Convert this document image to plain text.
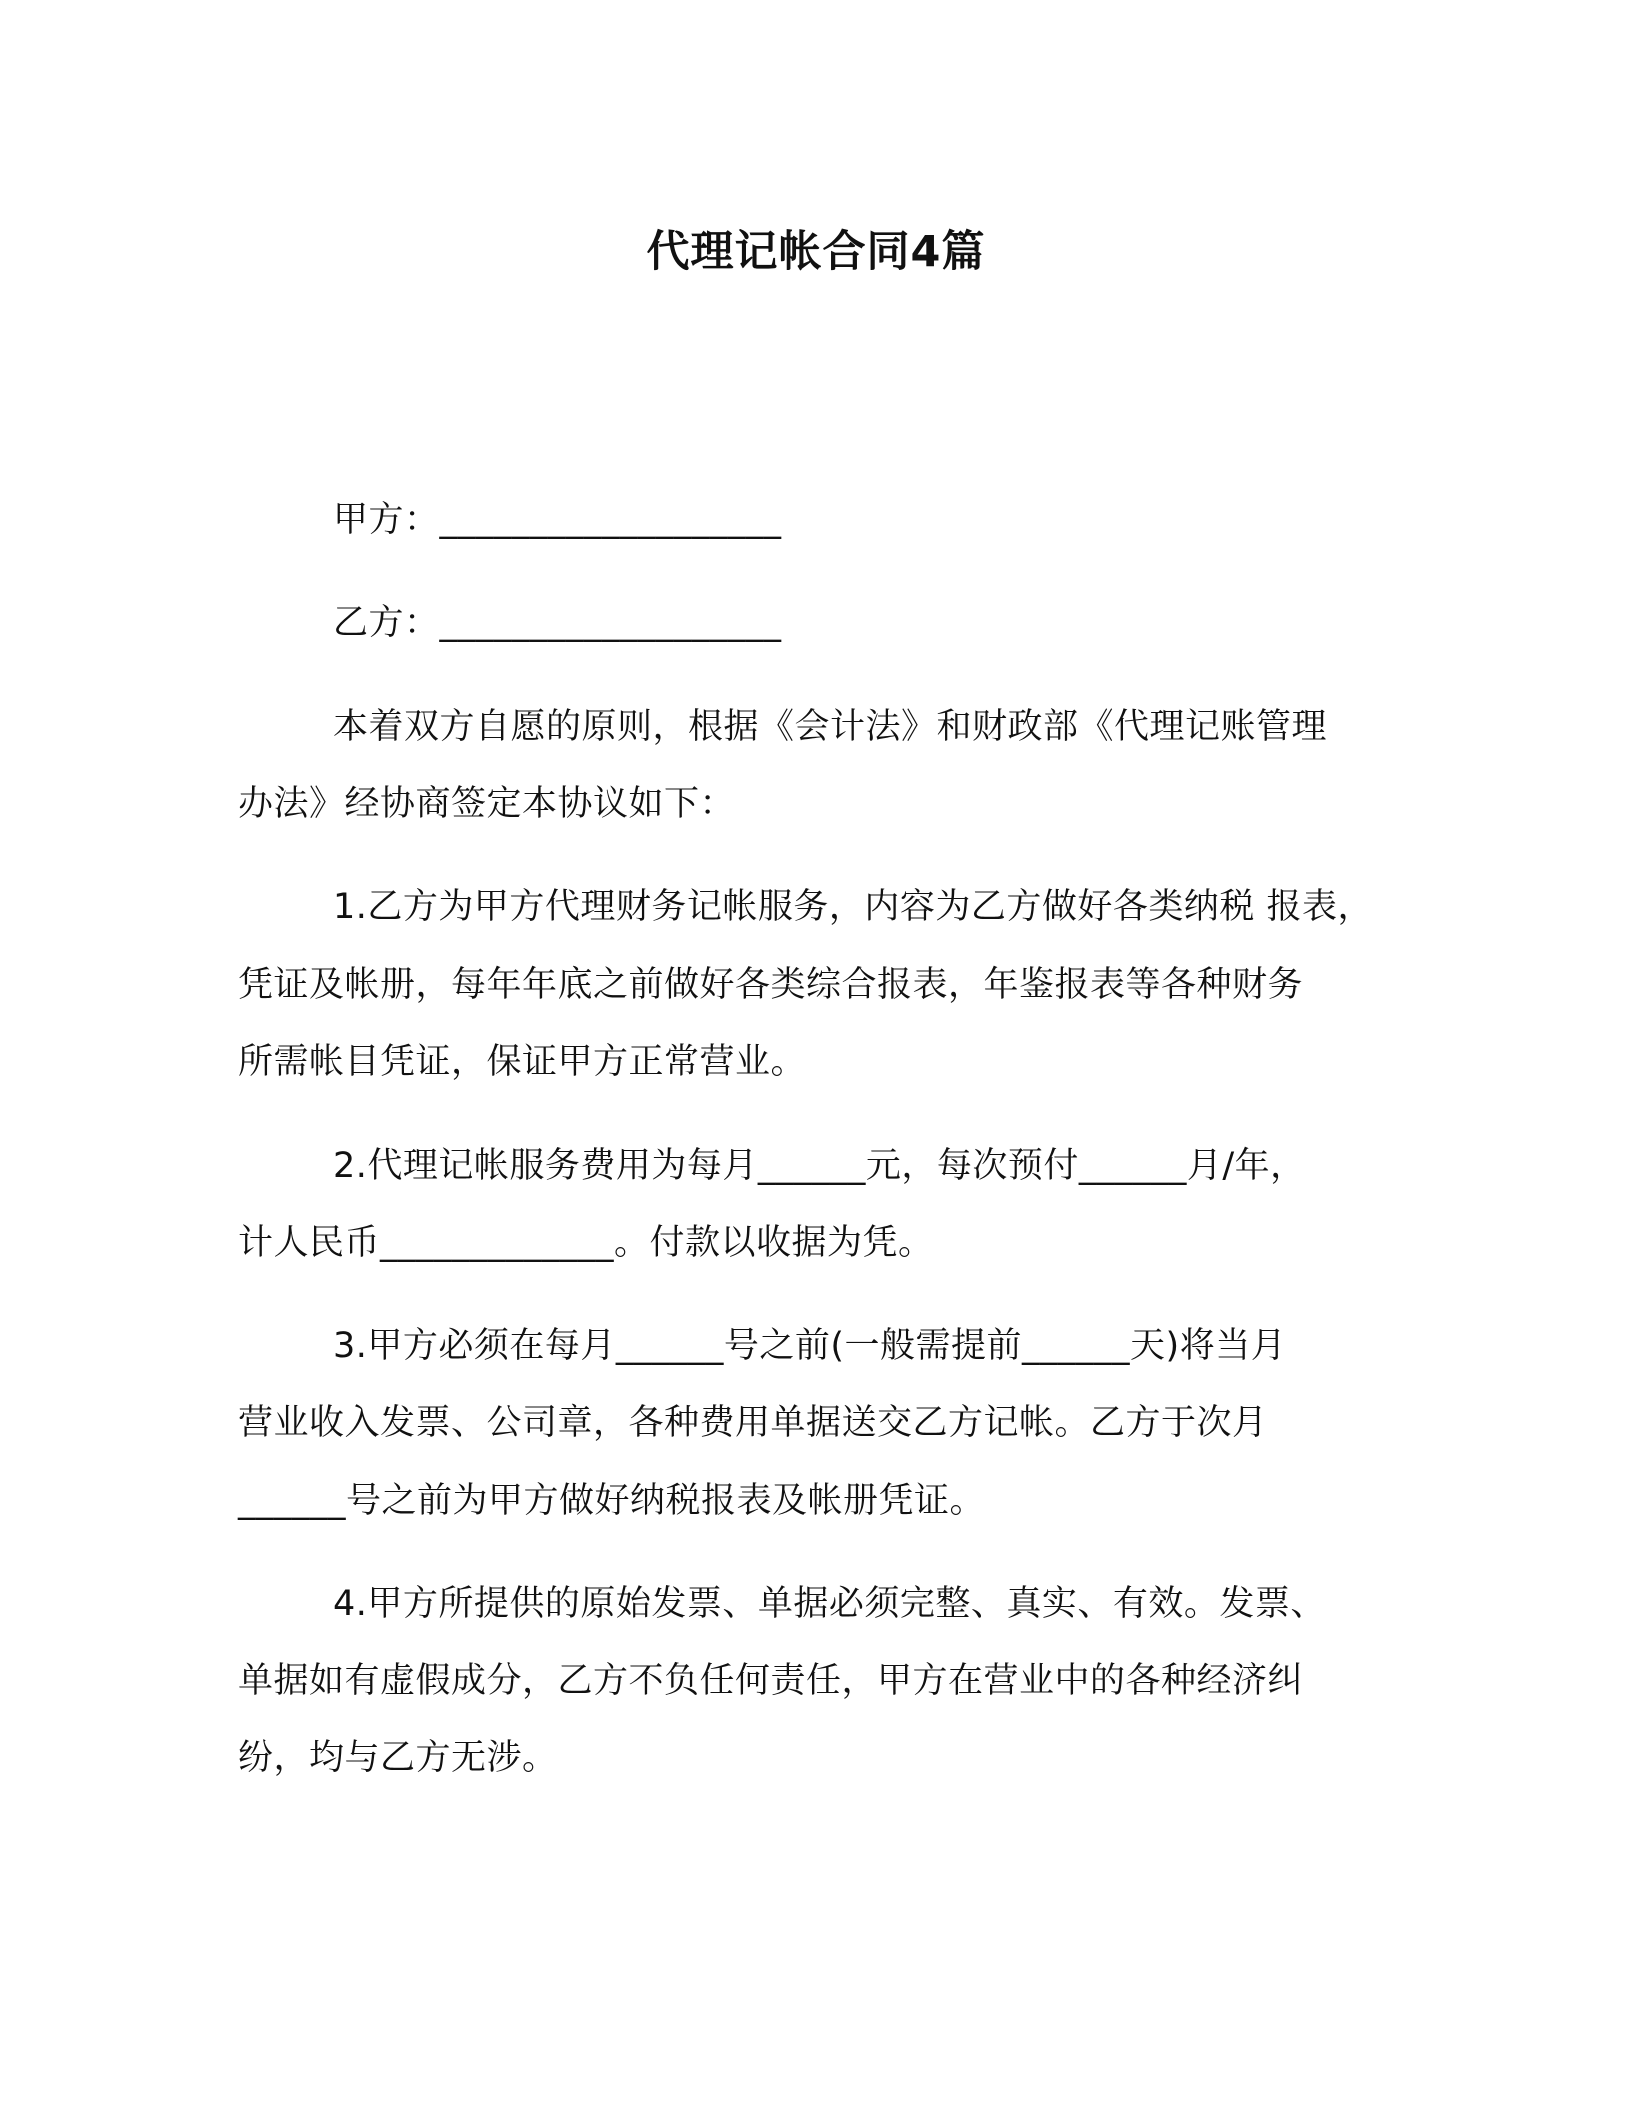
代理记帐合同4篇
甲方：___________________
乙方：___________________
本着双方自愿的原则，根据《会计法》和财政部《代理记账管理
办法》经协商签定本协议如下：
1.乙方为甲方代理财务记帐服务，内容为乙方做好各类纳税 报表，
凭证及帐册，每年年底之前做好各类综合报表，年鉴报表等各种财务
所需帐目凭证，保证甲方正常营业。
2.代理记帐服务费用为每月______元，每次预付______月/年，
计人民币_____________。付款以收据为凭。
3.甲方必须在每月______号之前(一般需提前______天)将当月
营业收入发票、公司章，各种费用单据送交乙方记帐。乙方于次月
______号之前为甲方做好纳税报表及帐册凭证。
4.甲方所提供的原始发票、单据必须完整、真实、有效。发票、
单据如有虚假成分，乙方不负任何责任，甲方在营业中的各种经济纠
纷，均与乙方无涉。
